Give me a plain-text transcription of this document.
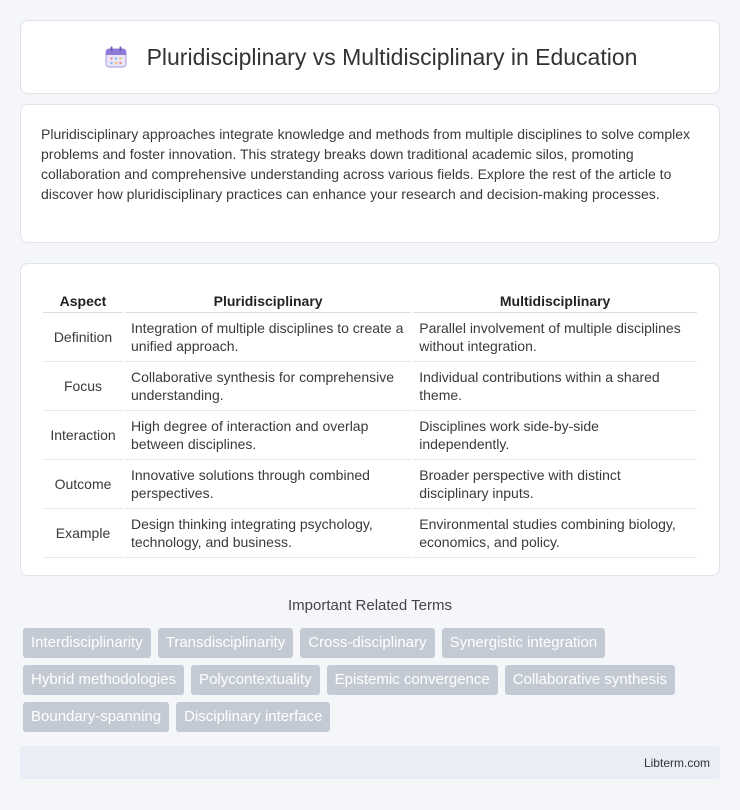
Pluridisciplinary vs Multidisciplinary in Education

Pluridisciplinary approaches integrate knowledge and methods from multiple disciplines to solve complex problems and foster innovation. This strategy breaks down traditional academic silos, promoting collaboration and comprehensive understanding across various fields. Explore the rest of the article to discover how pluridisciplinary practices can enhance your research and decision-making processes.

Aspect		Pluridisciplinary		Multidisciplinary
Definition		Integration of multiple disciplines to create a unified approach.		Parallel involvement of multiple disciplines without integration.
Focus		Collaborative synthesis for comprehensive understanding.		Individual contributions within a shared theme.
Interaction		High degree of interaction and overlap between disciplines.		Disciplines work side-by-side independently.
Outcome		Innovative solutions through combined perspectives.		Broader perspective with distinct disciplinary inputs.
Example		Design thinking integrating psychology, technology, and business.		Environmental studies combining biology, economics, and policy.
Important Related Terms
Interdisciplinarity	Transdisciplinarity	Cross-disciplinary	Synergistic integration
Hybrid methodologies	Polycontextuality	Epistemic convergence	Collaborative synthesis
Boundary-spanning	Disciplinary interface
Libterm.com
